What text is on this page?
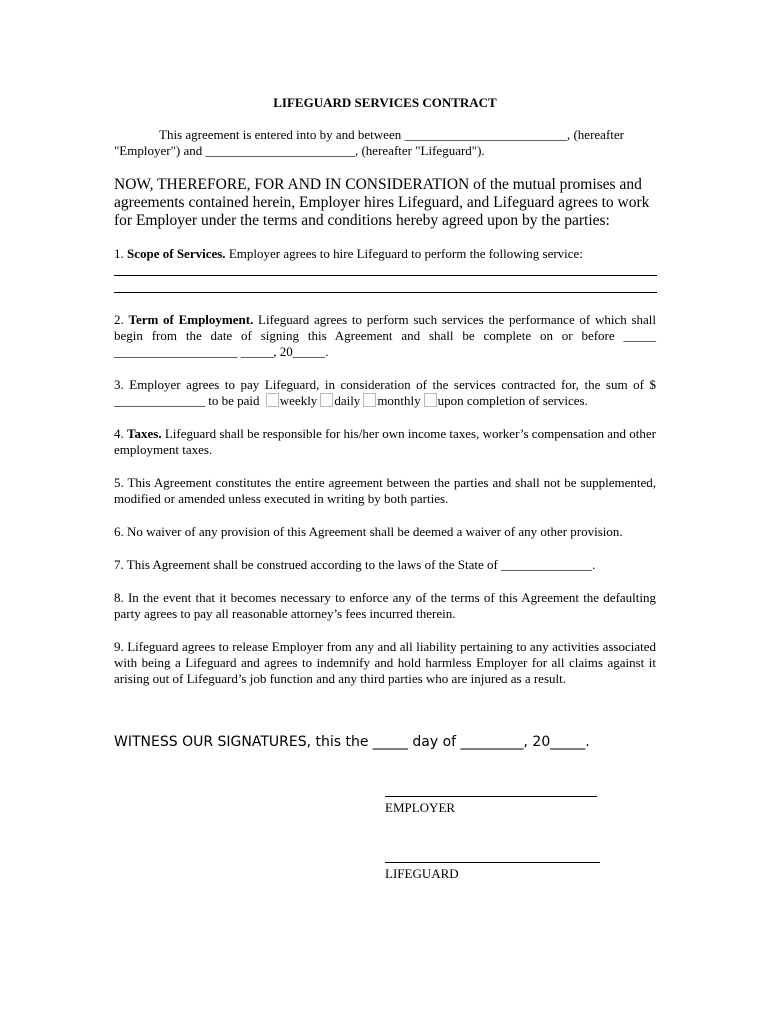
LIFEGUARD SERVICES CONTRACT
This agreement is entered into by and between _________________________, (hereafter
"Employer") and _______________________, (hereafter "Lifeguard").
NOW, THEREFORE, FOR AND IN CONSIDERATION of the mutual promises and agreements contained herein, Employer hires Lifeguard, and Lifeguard agrees to work for Employer under the terms and conditions hereby agreed upon by the parties:
1. Scope of Services. Employer agrees to hire Lifeguard to perform the following service:
2. Term of Employment. Lifeguard agrees to perform such services the performance of which shall begin from the date of signing this Agreement and shall be complete on or before _____ ___________________ _____, 20_____.
3. Employer agrees to pay Lifeguard, in consideration of the services contracted for, the sum of $
______________ to be paid weekly daily monthly upon completion of services.
4. Taxes. Lifeguard shall be responsible for his/her own income taxes, worker’s compensation and other employment taxes.
5. This Agreement constitutes the entire agreement between the parties and shall not be supplemented, modified or amended unless executed in writing by both parties.
6. No waiver of any provision of this Agreement shall be deemed a waiver of any other provision.
7. This Agreement shall be construed according to the laws of the State of ______________.
8. In the event that it becomes necessary to enforce any of the terms of this Agreement the defaulting party agrees to pay all reasonable attorney’s fees incurred therein.
9. Lifeguard agrees to release Employer from any and all liability pertaining to any activities associated with being a Lifeguard and agrees to indemnify and hold harmless Employer for all claims against it arising out of Lifeguard’s job function and any third parties who are injured as a result.
WITNESS OUR SIGNATURES, this the _____ day of _________, 20_____.
EMPLOYER
LIFEGUARD
